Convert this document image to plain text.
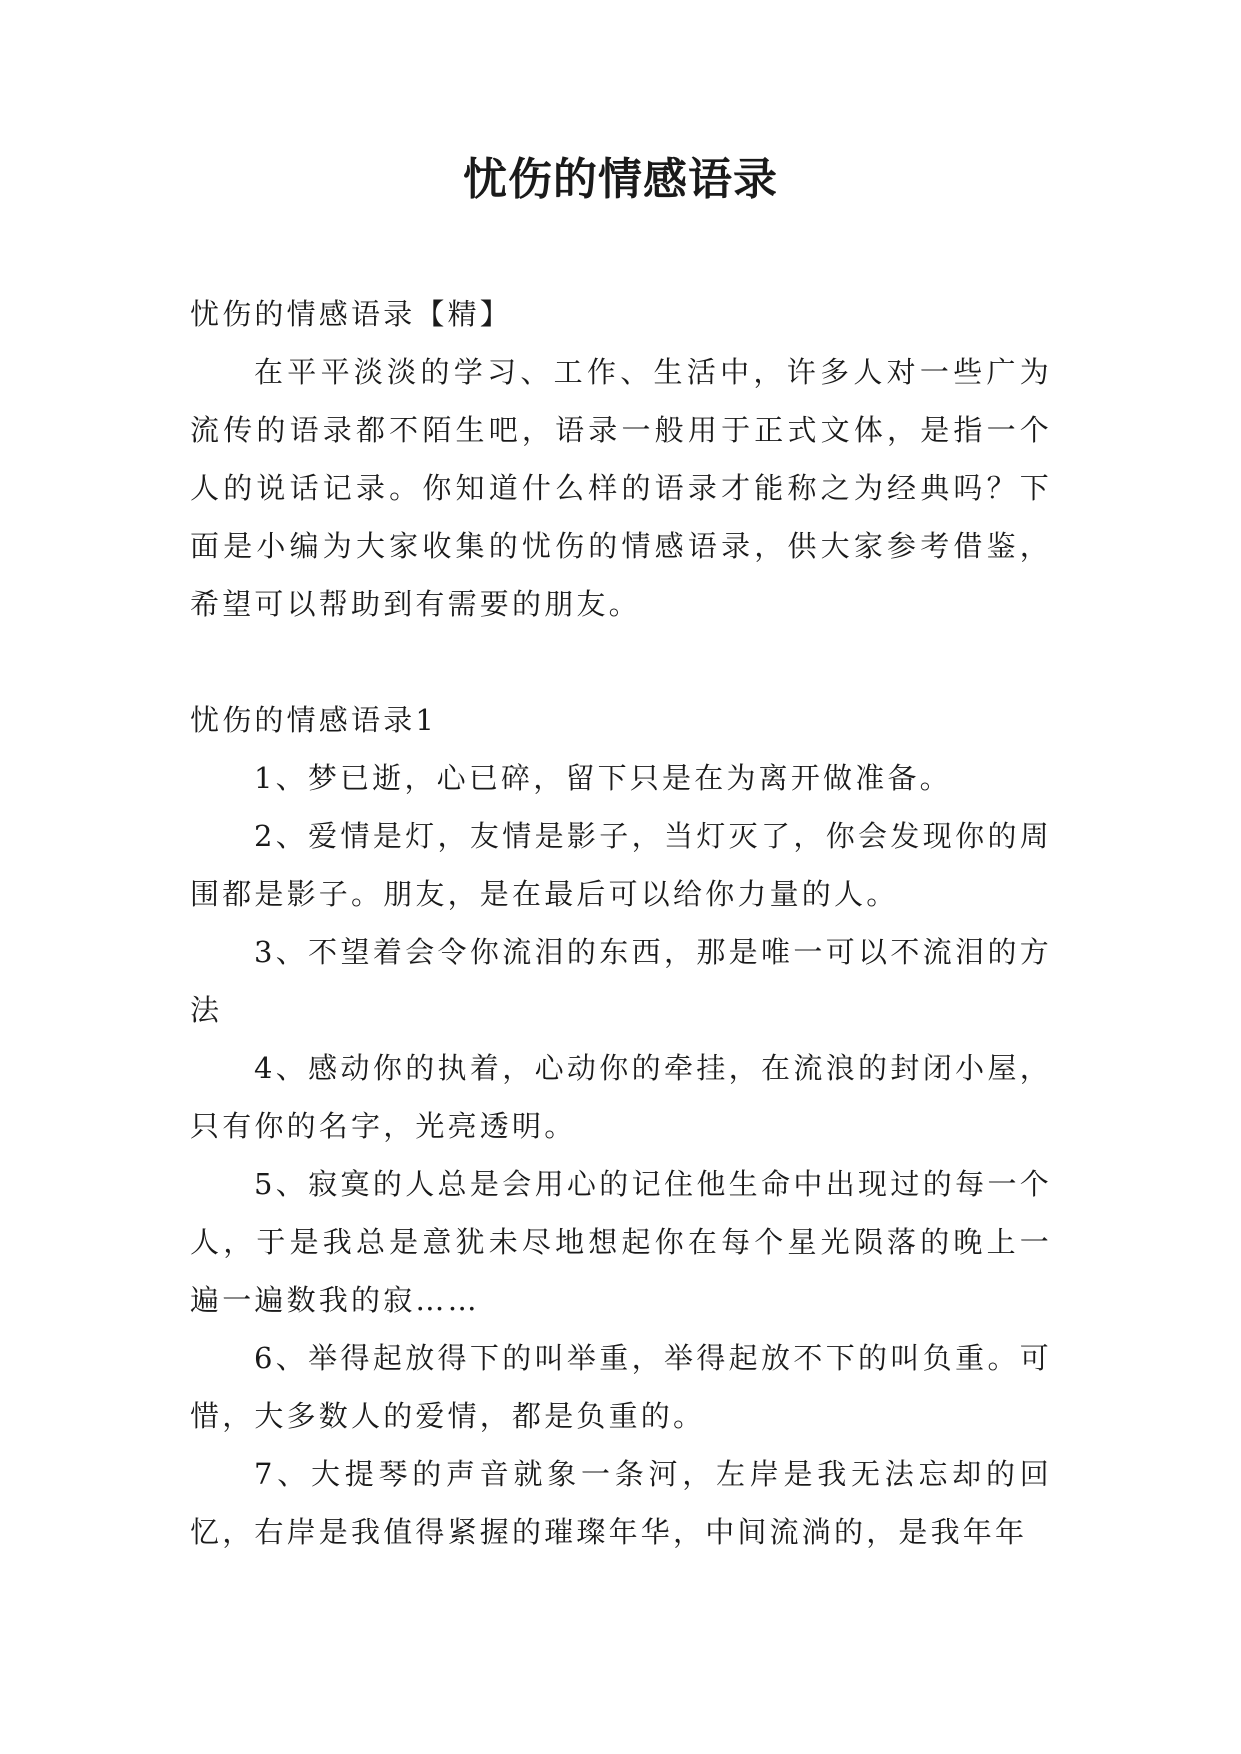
忧伤的情感语录

忧伤的情感语录【精】

在平平淡淡的学习、工作、生活中，许多人对一些广为流传的语录都不陌生吧，语录一般用于正式文体，是指一个人的说话记录。你知道什么样的语录才能称之为经典吗？下面是小编为大家收集的忧伤的情感语录，供大家参考借鉴，希望可以帮助到有需要的朋友。

忧伤的情感语录1

1、梦已逝，心已碎，留下只是在为离开做准备。

2、爱情是灯，友情是影子，当灯灭了，你会发现你的周围都是影子。朋友，是在最后可以给你力量的人。

3、不望着会令你流泪的东西，那是唯一可以不流泪的方法

4、感动你的执着，心动你的牵挂，在流浪的封闭小屋，只有你的名字，光亮透明。

5、寂寞的人总是会用心的记住他生命中出现过的每一个人，于是我总是意犹未尽地想起你在每个星光陨落的晚上一遍一遍数我的寂……

6、举得起放得下的叫举重，举得起放不下的叫负重。可惜，大多数人的爱情，都是负重的。

7、大提琴的声音就象一条河，左岸是我无法忘却的回忆，右岸是我值得紧握的璀璨年华，中间流淌的，是我年年
